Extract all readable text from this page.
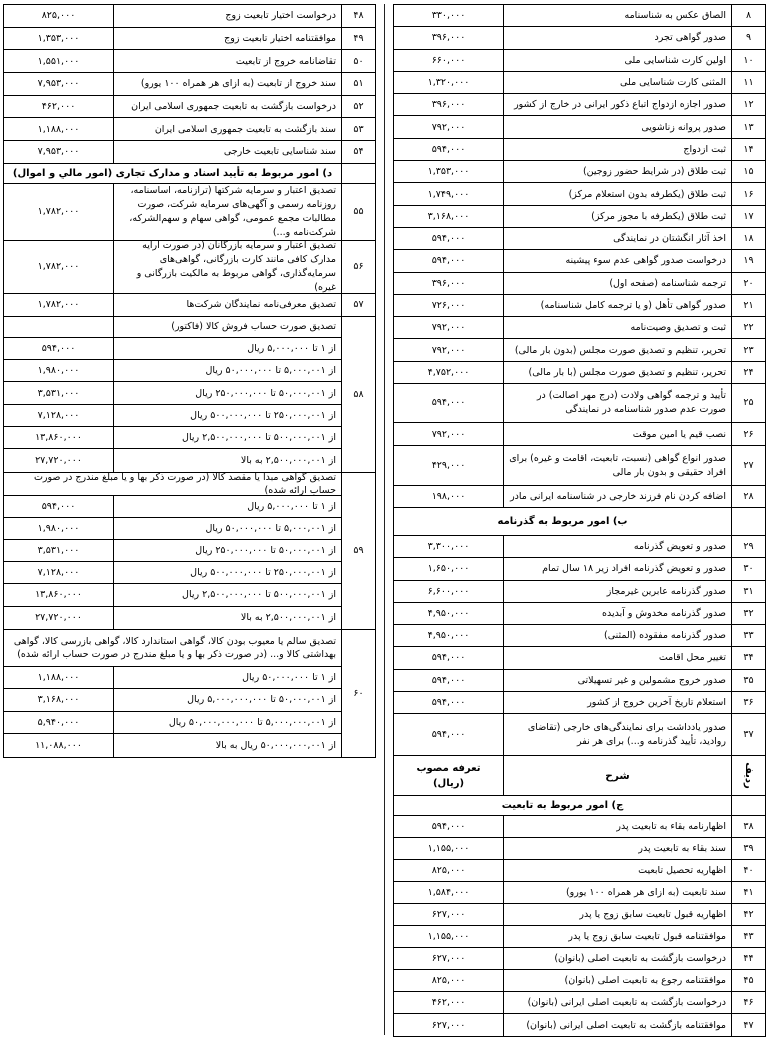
۴۸
درخواست اختیار تابعیت زوج
۸۲۵,۰۰۰
۴۹
موافقتنامه اختیار تابعیت زوج
۱,۳۵۳,۰۰۰
۵۰
تقاضانامه خروج از تابعیت
۱,۵۵۱,۰۰۰
۵۱
سند خروج از تابعیت (به ازای هر همراه ۱۰۰ یورو)
۷,۹۵۳,۰۰۰
۵۲
درخواست بازگشت به تابعیت جمهوری اسلامی ایران
۴۶۲,۰۰۰
۵۳
سند بازگشت به تابعیت جمهوری اسلامی ایران
۱,۱۸۸,۰۰۰
۵۴
سند شناسایی تابعیت خارجی
۷,۹۵۳,۰۰۰
د) امور مربوط به تأیید اسناد و مدارک تجاری (امور مالي و اموال)
۵۵
تصدیق اعتبار و سرمایه شرکتها (ترازنامه، اساسنامه، روزنامه رسمی و آگهی‌های سرمایه شرکت، صورت مطالبات مجمع عمومی، گواهی سهام و سهم‌الشرکه، شرکت‌نامه و...)
۱,۷۸۲,۰۰۰
۵۶
تصدیق اعتبار و سرمایه بازرگانان (در صورت ارایه مدارک کافی مانند کارت بازرگانی، گواهی‌های سرمایه‌گذاری، گواهی مربوط به مالکیت بازرگانی و غیره)
۱,۷۸۲,۰۰۰
۵۷
تصدیق معرفی‌نامه نمایندگان شرکت‌ها
۱,۷۸۲,۰۰۰
۵۸
تصدیق صورت حساب فروش کالا (فاکتور)
از ۱ تا ۵,۰۰۰,۰۰۰ ریال
۵۹۴,۰۰۰
از ۵,۰۰۰,۰۰۱ تا ۵۰,۰۰۰,۰۰۰ ریال
۱,۹۸۰,۰۰۰
از ۵۰,۰۰۰,۰۰۱ تا ۲۵۰,۰۰۰,۰۰۰ ریال
۳,۵۳۱,۰۰۰
از ۲۵۰,۰۰۰,۰۰۱ تا ۵۰۰,۰۰۰,۰۰۰ ریال
۷,۱۲۸,۰۰۰
از ۵۰۰,۰۰۰,۰۰۱ تا ۲,۵۰۰,۰۰۰,۰۰۰ ریال
۱۳,۸۶۰,۰۰۰
از ۲,۵۰۰,۰۰۰,۰۰۱ به بالا
۲۷,۷۲۰,۰۰۰
۵۹
تصدیق گواهی مبدأ یا مقصد کالا (در صورت ذکر بها و یا مبلغ مندرج در صورت حساب ارائه شده)
از ۱ تا ۵,۰۰۰,۰۰۰ ریال
۵۹۴,۰۰۰
از ۵,۰۰۰,۰۰۱ تا ۵۰,۰۰۰,۰۰۰ ریال
۱,۹۸۰,۰۰۰
از ۵۰,۰۰۰,۰۰۱ تا ۲۵۰,۰۰۰,۰۰۰ ریال
۳,۵۳۱,۰۰۰
از ۲۵۰,۰۰۰,۰۰۱ تا ۵۰۰,۰۰۰,۰۰۰ ریال
۷,۱۲۸,۰۰۰
از ۵۰۰,۰۰۰,۰۰۱ تا ۲,۵۰۰,۰۰۰,۰۰۰ ریال
۱۳,۸۶۰,۰۰۰
از ۲,۵۰۰,۰۰۰,۰۰۱ به بالا
۲۷,۷۲۰,۰۰۰
۶۰
تصدیق سالم یا معیوب بودن کالا، گواهی استاندارد کالا، گواهی بازرسی کالا، گواهی بهداشتی کالا و... (در صورت ذکر بها و یا مبلغ مندرج در صورت حساب ارائه شده)
از ۱ تا ۵۰,۰۰۰,۰۰۰ ریال
۱,۱۸۸,۰۰۰
از ۵۰,۰۰۰,۰۰۱ تا ۵,۰۰۰,۰۰۰,۰۰۰ ریال
۳,۱۶۸,۰۰۰
از ۵,۰۰۰,۰۰۰,۰۰۱ تا ۵۰,۰۰۰,۰۰۰,۰۰۰ ریال
۵,۹۴۰,۰۰۰
از ۵۰,۰۰۰,۰۰۰,۰۰۱ ریال به بالا
۱۱,۰۸۸,۰۰۰
۸
الصاق عکس به شناسنامه
۳۳۰,۰۰۰
۹
صدور گواهی تجرد
۳۹۶,۰۰۰
۱۰
اولین کارت شناسایی ملی
۶۶۰,۰۰۰
۱۱
المثنی کارت شناسایی ملی
۱,۳۲۰,۰۰۰
۱۲
صدور اجازه ازدواج اتباع ذکور ایرانی در خارج از کشور
۳۹۶,۰۰۰
۱۳
صدور پروانه زناشویی
۷۹۲,۰۰۰
۱۴
ثبت ازدواج
۵۹۴,۰۰۰
۱۵
ثبت طلاق (در شرایط حضور زوجین)
۱,۳۵۳,۰۰۰
۱۶
ثبت طلاق (یکطرفه بدون استعلام مرکز)
۱,۷۴۹,۰۰۰
۱۷
ثبت طلاق (یکطرفه با مجوز مرکز)
۳,۱۶۸,۰۰۰
۱۸
اخذ آثار انگشتان در نمایندگی
۵۹۴,۰۰۰
۱۹
درخواست صدور گواهی عدم سوء پیشینه
۵۹۴,۰۰۰
۲۰
ترجمه شناسنامه (صفحه اول)
۳۹۶,۰۰۰
۲۱
صدور گواهی تأهل (و یا ترجمه کامل شناسنامه)
۷۲۶,۰۰۰
۲۲
ثبت و تصدیق وصیت‌نامه
۷۹۲,۰۰۰
۲۳
تحریر، تنظیم و تصدیق صورت مجلس (بدون بار مالی)
۷۹۲,۰۰۰
۲۴
تحریر، تنظیم و تصدیق صورت مجلس (با بار مالی)
۴,۷۵۲,۰۰۰
۲۵
تأیید و ترجمه گواهی ولادت (درج مهر اصالت) در صورت عدم صدور شناسنامه در نمایندگی
۵۹۴,۰۰۰
۲۶
نصب قیم یا امین موقت
۷۹۲,۰۰۰
۲۷
صدور انواع گواهی (نسبت، تابعیت، اقامت و غیره) برای افراد حقیقی و بدون بار مالی
۴۲۹,۰۰۰
۲۸
اضافه کردن نام فرزند خارجی در شناسنامه ایرانی مادر
۱۹۸,۰۰۰
ب) امور مربوط به گذرنامه
۲۹
صدور و تعویض گذرنامه
۳,۳۰۰,۰۰۰
۳۰
صدور و تعویض گذرنامه افراد زیر ۱۸ سال تمام
۱,۶۵۰,۰۰۰
۳۱
صدور گذرنامه عابرین غیرمجاز
۶,۶۰۰,۰۰۰
۳۲
صدور گذرنامه مخدوش و آبدیده
۴,۹۵۰,۰۰۰
۳۳
صدور گذرنامه مفقوده (المثنی)
۴,۹۵۰,۰۰۰
۳۴
تغییر محل اقامت
۵۹۴,۰۰۰
۳۵
صدور خروج مشمولین و غیر تسهیلاتی
۵۹۴,۰۰۰
۳۶
استعلام تاریخ آخرین خروج از کشور
۵۹۴,۰۰۰
۳۷
صدور یادداشت برای نمایندگی‌های خارجی (تقاضای روادید، تأیید گذرنامه و...) برای هر نفر
۵۹۴,۰۰۰
ردیف
شرح
تعرفه مصوب
(ریال)
ج) امور مربوط به تابعیت
۳۸
اظهارنامه بقاء به تابعیت پدر
۵۹۴,۰۰۰
۳۹
سند بقاء به تابعیت پدر
۱,۱۵۵,۰۰۰
۴۰
اظهاریه تحصیل تابعیت
۸۲۵,۰۰۰
۴۱
سند تابعیت (به ازای هر همراه ۱۰۰ یورو)
۱,۵۸۴,۰۰۰
۴۲
اظهاریه قبول تابعیت سابق زوج یا پدر
۶۲۷,۰۰۰
۴۳
موافقتنامه قبول تابعیت سابق زوج یا پدر
۱,۱۵۵,۰۰۰
۴۴
درخواست بازگشت به تابعیت اصلی (بانوان)
۶۲۷,۰۰۰
۴۵
موافقتنامه رجوع به تابعیت اصلی (بانوان)
۸۲۵,۰۰۰
۴۶
درخواست بازگشت به تابعیت اصلی ایرانی (بانوان)
۴۶۲,۰۰۰
۴۷
موافقتنامه بازگشت به تابعیت اصلی ایرانی (بانوان)
۶۲۷,۰۰۰
